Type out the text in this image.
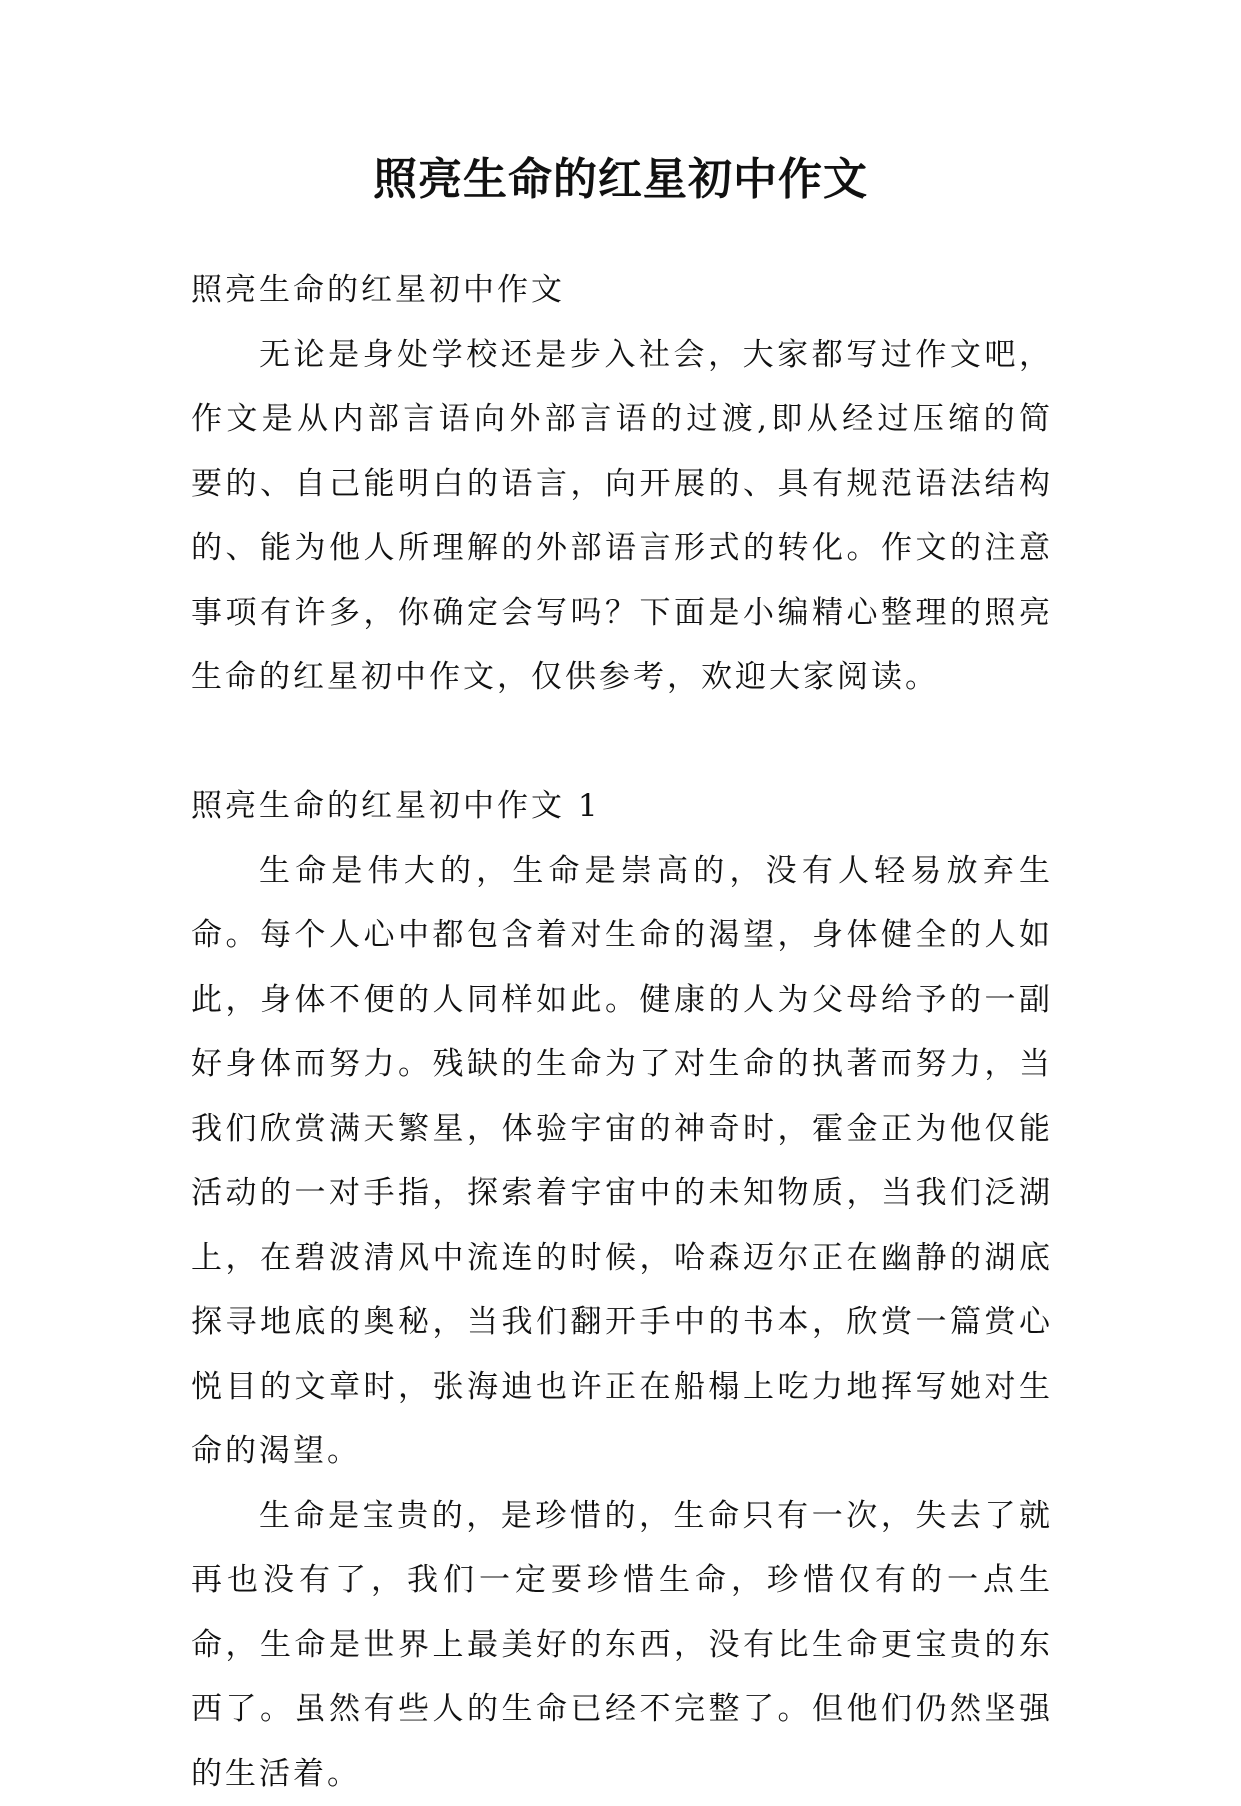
照亮生命的红星初中作文

照亮生命的红星初中作文

无论是身处学校还是步入社会，大家都写过作文吧，作文是从内部言语向外部言语的过渡,即从经过压缩的简要的、自己能明白的语言，向开展的、具有规范语法结构的、能为他人所理解的外部语言形式的转化。作文的注意事项有许多，你确定会写吗？下面是小编精心整理的照亮生命的红星初中作文，仅供参考，欢迎大家阅读。

照亮生命的红星初中作文 1

生命是伟大的，生命是崇高的，没有人轻易放弃生命。每个人心中都包含着对生命的渴望，身体健全的人如此，身体不便的人同样如此。健康的人为父母给予的一副好身体而努力。残缺的生命为了对生命的执著而努力，当我们欣赏满天繁星，体验宇宙的神奇时，霍金正为他仅能活动的一对手指，探索着宇宙中的未知物质，当我们泛湖上，在碧波清风中流连的时候，哈森迈尔正在幽静的湖底探寻地底的奥秘，当我们翻开手中的书本，欣赏一篇赏心悦目的文章时，张海迪也许正在船榻上吃力地挥写她对生命的渴望。

生命是宝贵的，是珍惜的，生命只有一次，失去了就再也没有了，我们一定要珍惜生命，珍惜仅有的一点生命，生命是世界上最美好的东西，没有比生命更宝贵的东西了。虽然有些人的生命已经不完整了。但他们仍然坚强的生活着。
